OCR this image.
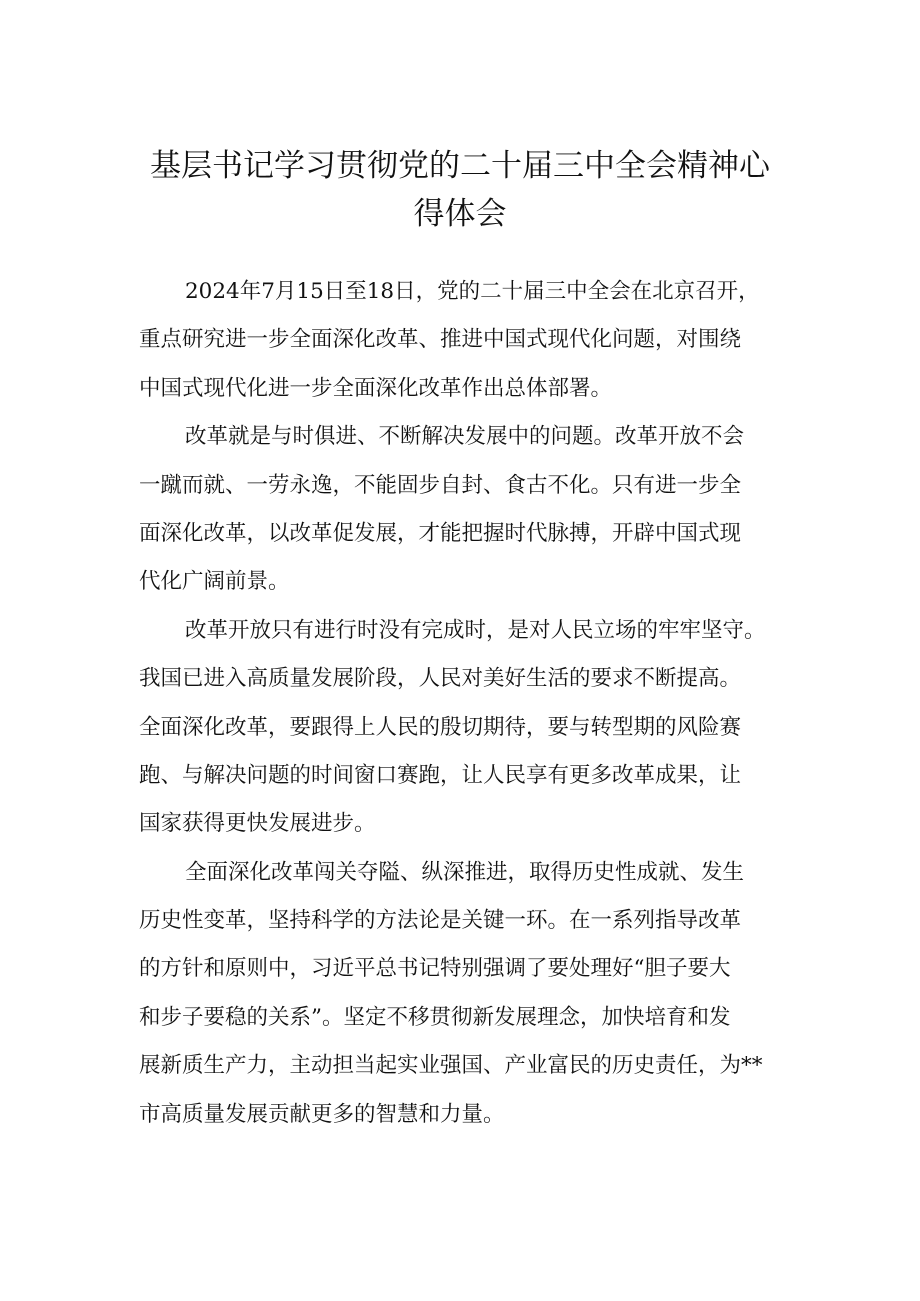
基层书记学习贯彻党的二十届三中全会精神心
得体会

2024年7月15日至18日，党的二十届三中全会在北京召开，
重点研究进一步全面深化改革、推进中国式现代化问题，对围绕
中国式现代化进一步全面深化改革作出总体部署。

改革就是与时俱进、不断解决发展中的问题。改革开放不会
一蹴而就、一劳永逸，不能固步自封、食古不化。只有进一步全
面深化改革，以改革促发展，才能把握时代脉搏，开辟中国式现
代化广阔前景。

改革开放只有进行时没有完成时，是对人民立场的牢牢坚守。
我国已进入高质量发展阶段，人民对美好生活的要求不断提高。
全面深化改革，要跟得上人民的殷切期待，要与转型期的风险赛
跑、与解决问题的时间窗口赛跑，让人民享有更多改革成果，让
国家获得更快发展进步。

全面深化改革闯关夺隘、纵深推进，取得历史性成就、发生
历史性变革，坚持科学的方法论是关键一环。在一系列指导改革
的方针和原则中，习近平总书记特别强调了要处理好“胆子要大
和步子要稳的关系”。坚定不移贯彻新发展理念，加快培育和发
展新质生产力，主动担当起实业强国、产业富民的历史责任，为**
市高质量发展贡献更多的智慧和力量。
